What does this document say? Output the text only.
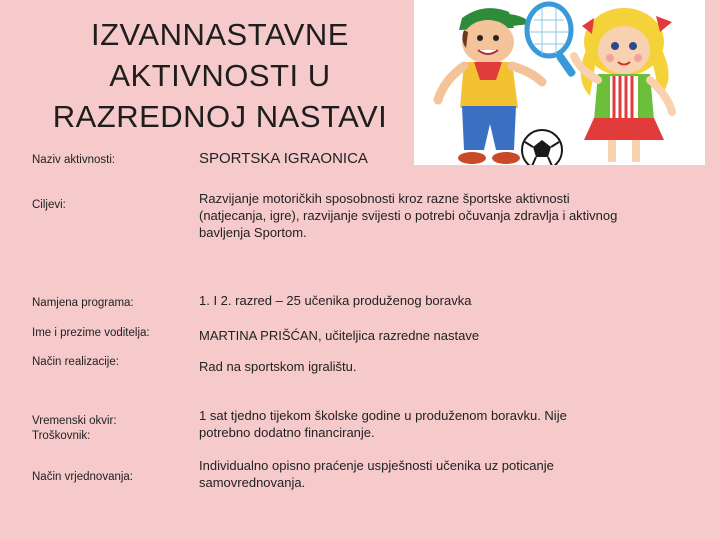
IZVANNASTAVNE
AKTIVNOSTI U
RAZREDNOJ NASTAVI
Naziv aktivnosti:	SPORTSKA IGRAONICA
Ciljevi:	Razvijanje motoričkih sposobnosti kroz razne športske aktivnosti (natjecanja, igre), razvijanje svijesti o potrebi očuvanja zdravlja i aktivnog bavljenja Sportom.
Namjena programa:	1. I 2. razred – 25 učenika produženog boravka
Ime i prezime voditelja:	MARTINA PRIŠĆAN, učiteljica razredne nastave
Način realizacije:	Rad na sportskom igralištu.
Vremenski okvir: Troškovnik:
1 sat tjedno tijekom školske godine u produženom boravku. Nije potrebno dodatno financiranje.
Način vrjednovanja:
Individualno opisno praćenje uspješnosti učenika uz poticanje samovrednovanja.
